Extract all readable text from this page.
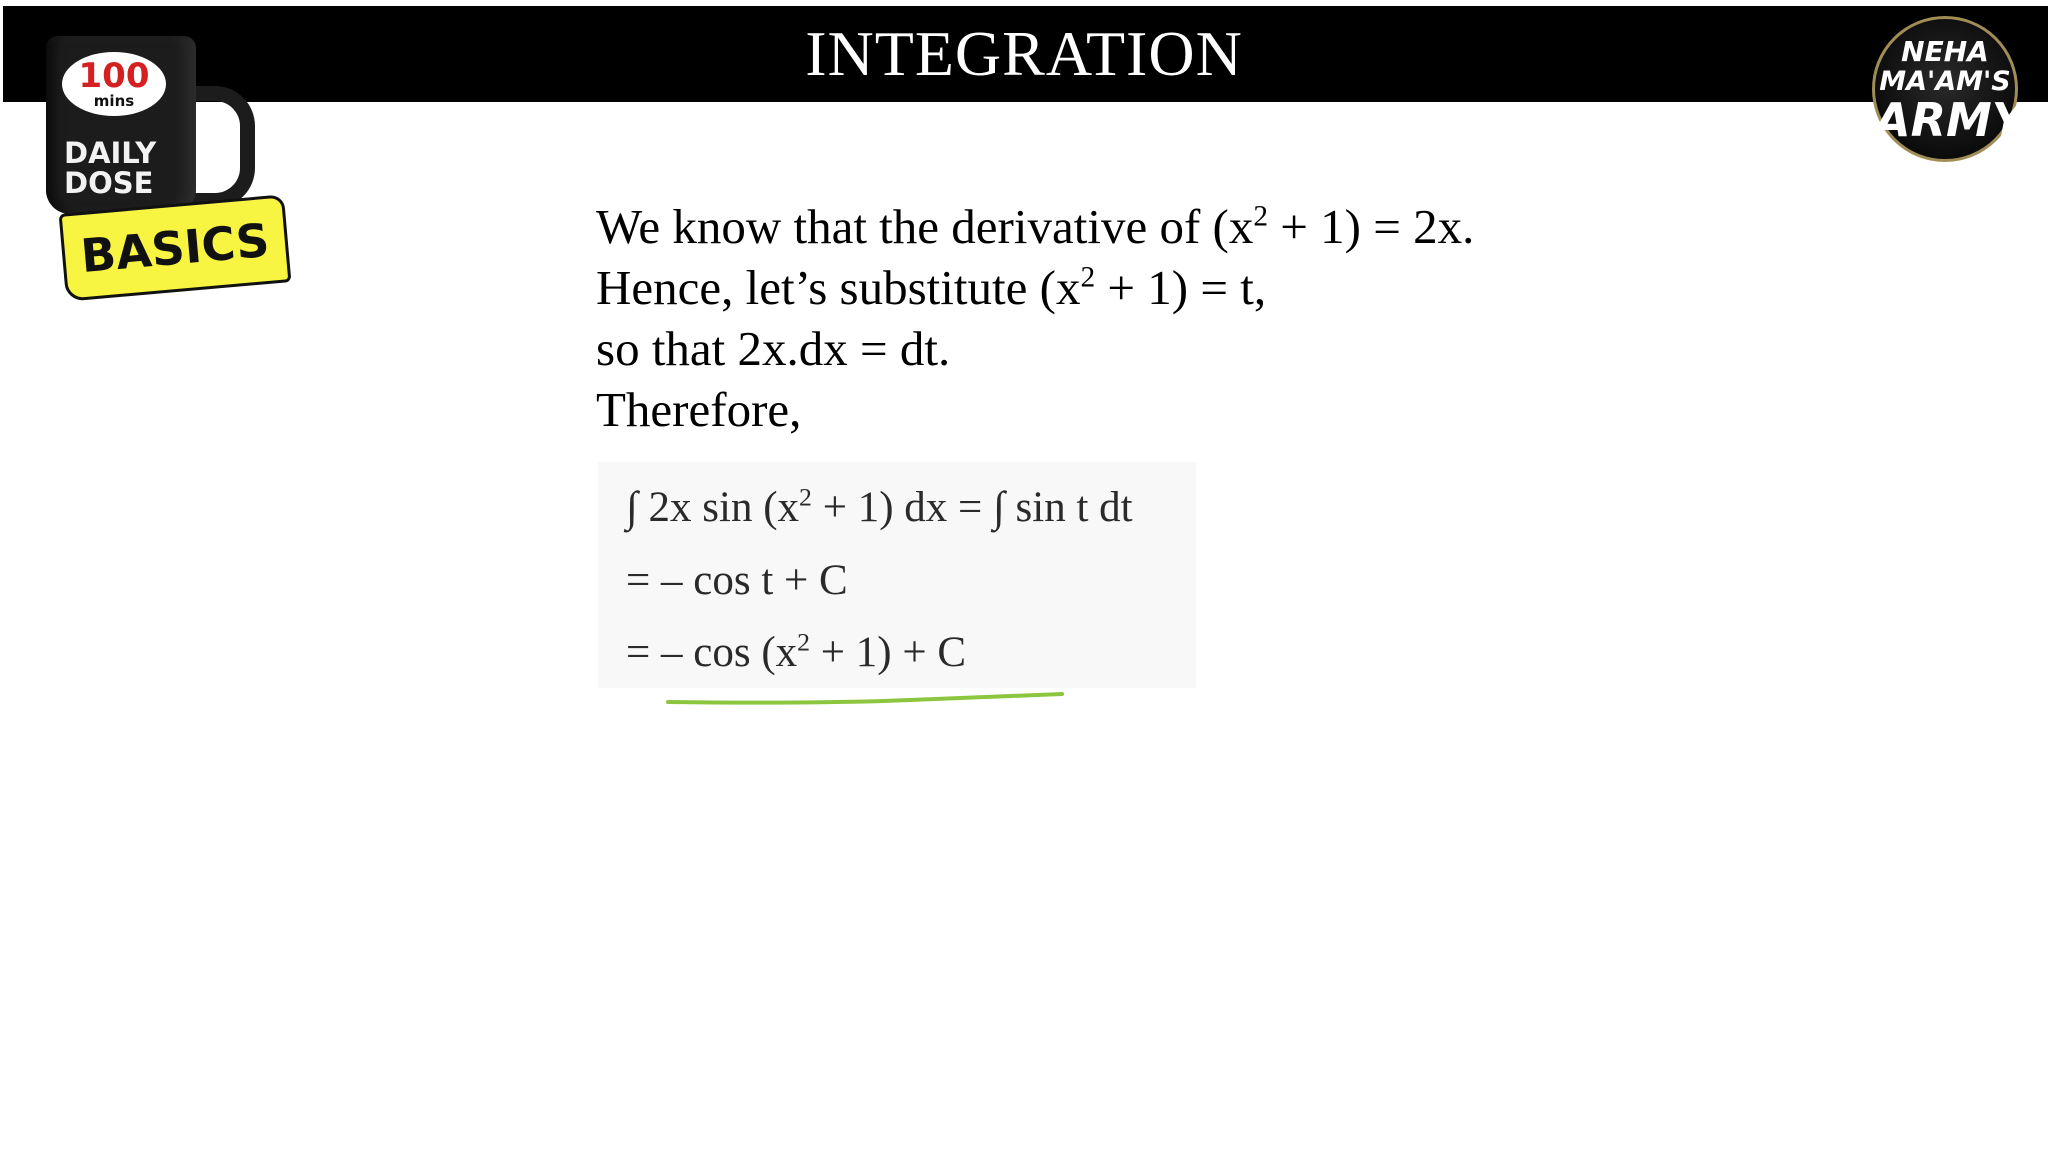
INTEGRATION
100
mins
DAILY
DOSE
BASICS
NEHA
MA'AM'S
ARMY
We know that the derivative of $(x^2 + 1) = 2x$.
Hence, let’s substitute $(x^2 + 1) = t$,
so that 2x.dx = dt.
Therefore,
∫ 2x $\sin (x^2 + 1)$ dx = ∫ sin t dt
= – cos t + C
= – $\cos (x^2 + 1) + C$
